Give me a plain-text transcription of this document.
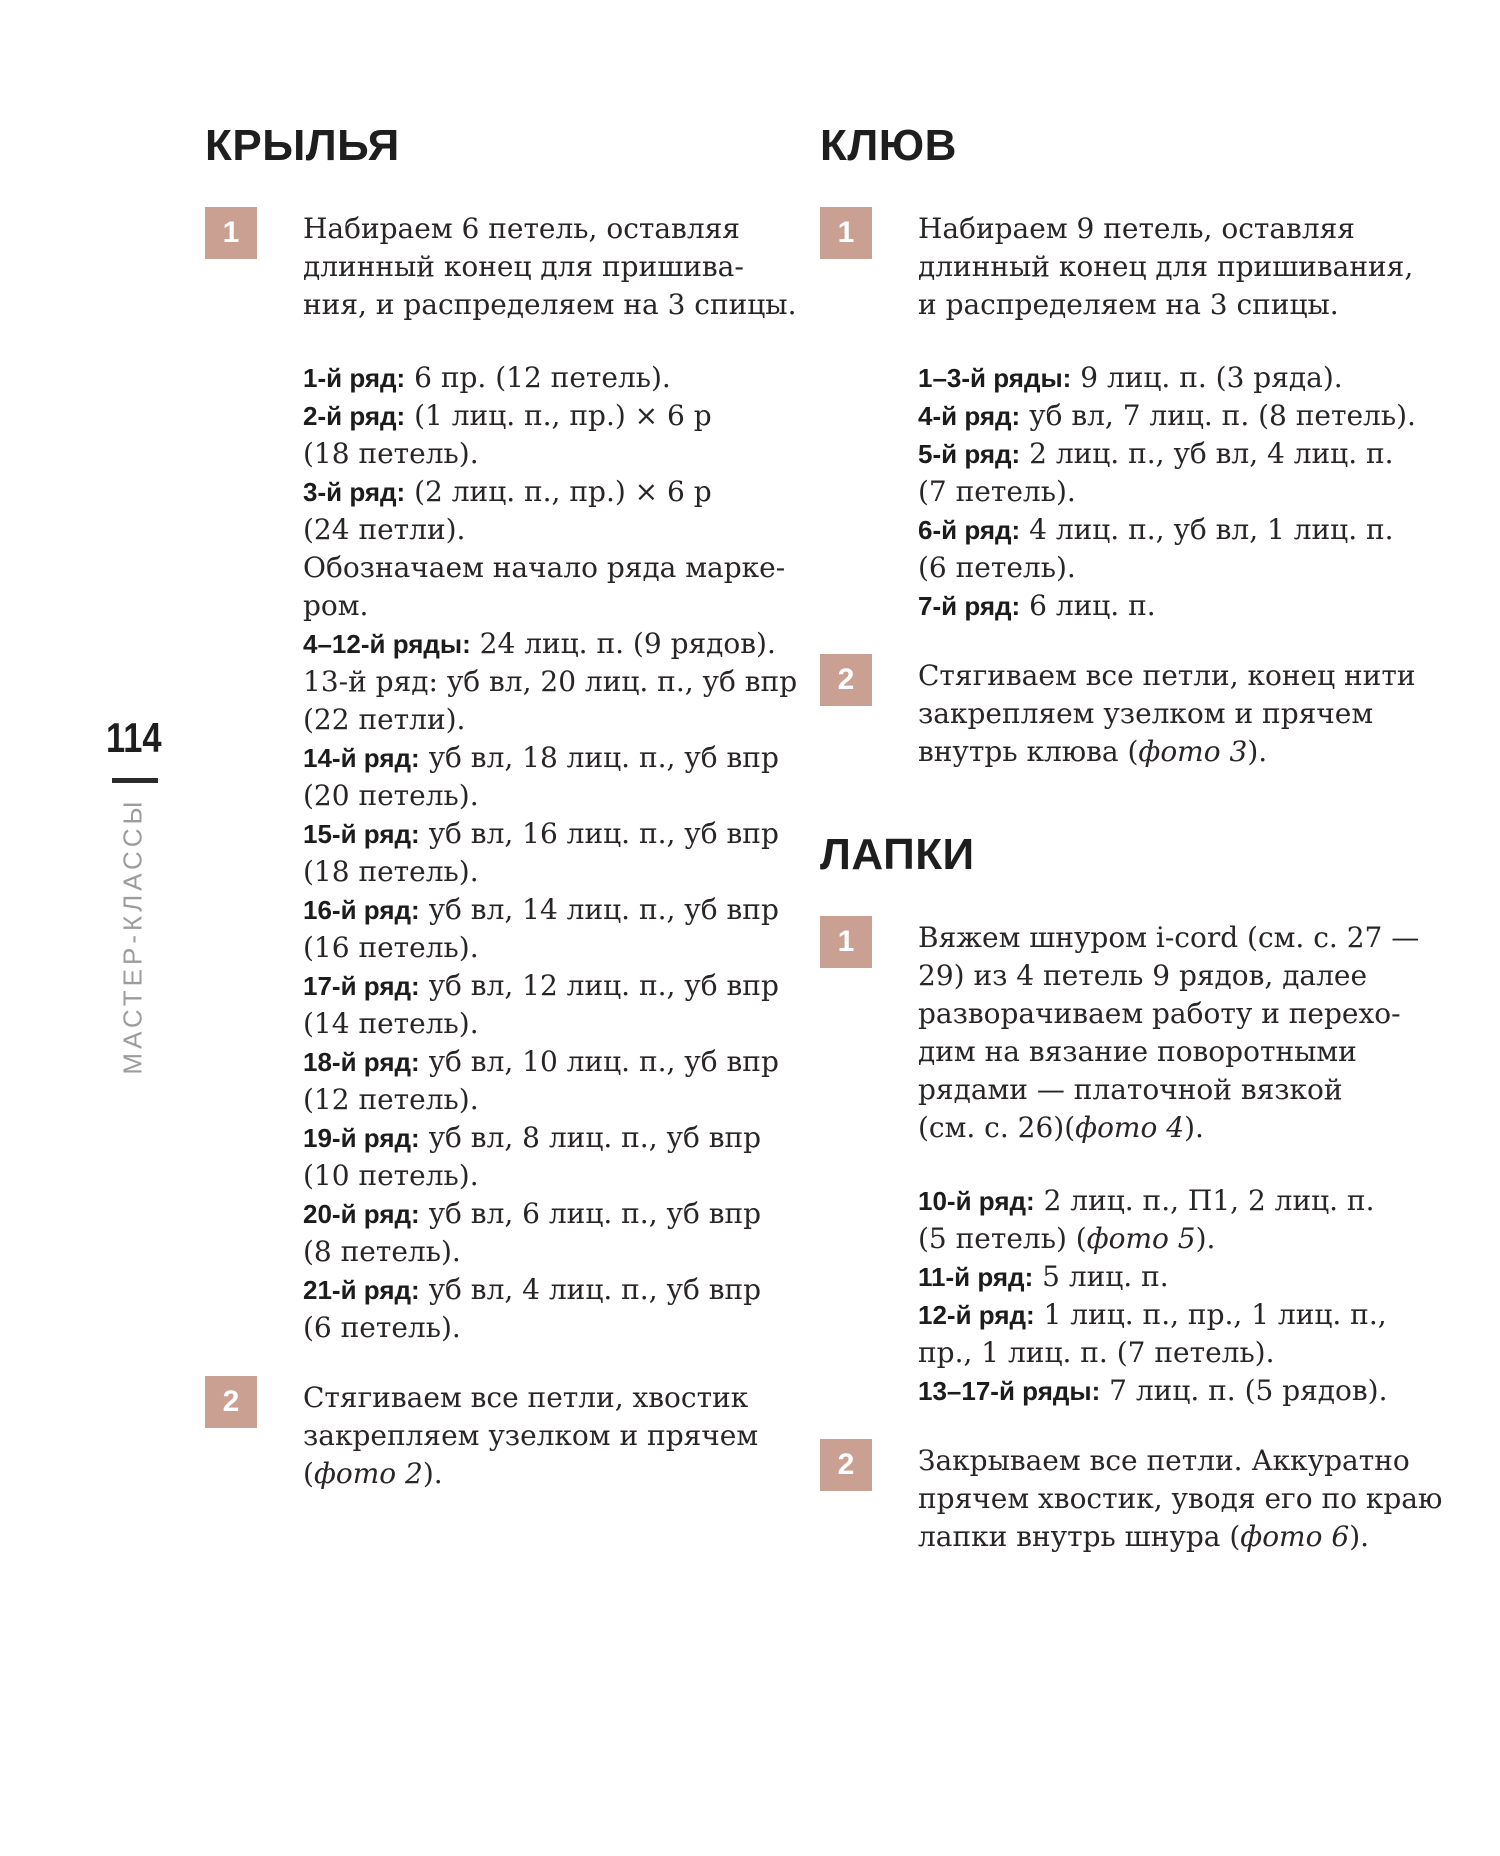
114
МАСТЕР-КЛАССЫ
КРЫЛЬЯ
1	Набираем 6 петель, оставляя
длинный конец для пришива-
ния, и распределяем на 3 спицы.
1-й ряд: 6 пр. (12 петель).
2-й ряд: (1 лиц. п., пр.) × 6 р
(18 петель).
3-й ряд: (2 лиц. п., пр.) × 6 р
(24 петли).
Обозначаем начало ряда марке-
ром.
4–12-й ряды: 24 лиц. п. (9 рядов).
13-й ряд: уб вл, 20 лиц. п., уб впр
(22 петли).
14-й ряд: уб вл, 18 лиц. п., уб впр
(20 петель).
15-й ряд: уб вл, 16 лиц. п., уб впр
(18 петель).
16-й ряд: уб вл, 14 лиц. п., уб впр
(16 петель).
17-й ряд: уб вл, 12 лиц. п., уб впр
(14 петель).
18-й ряд: уб вл, 10 лиц. п., уб впр
(12 петель).
19-й ряд: уб вл, 8 лиц. п., уб впр
(10 петель).
20-й ряд: уб вл, 6 лиц. п., уб впр
(8 петель).
21-й ряд: уб вл, 4 лиц. п., уб впр
(6 петель).
2	Стягиваем все петли, хвостик
закрепляем узелком и прячем
(фото 2).
КЛЮВ
1	Набираем 9 петель, оставляя
длинный конец для пришивания,
и распределяем на 3 спицы.
1–3-й ряды: 9 лиц. п. (3 ряда).
4-й ряд: уб вл, 7 лиц. п. (8 петель).
5-й ряд: 2 лиц. п., уб вл, 4 лиц. п.
(7 петель).
6-й ряд: 4 лиц. п., уб вл, 1 лиц. п.
(6 петель).
7-й ряд: 6 лиц. п.
2	Стягиваем все петли, конец нити
закрепляем узелком и прячем
внутрь клюва (фото 3).
ЛАПКИ
1	Вяжем шнуром i-cord (см. с. 27 —
29) из 4 петель 9 рядов, далее
разворачиваем работу и перехо-
дим на вязание поворотными
рядами — платочной вязкой
(см. с. 26)(фото 4).
10-й ряд: 2 лиц. п., П1, 2 лиц. п.
(5 петель) (фото 5).
11-й ряд: 5 лиц. п.
12-й ряд: 1 лиц. п., пр., 1 лиц. п.,
пр., 1 лиц. п. (7 петель).
13–17-й ряды: 7 лиц. п. (5 рядов).
2	Закрываем все петли. Аккуратно
прячем хвостик, уводя его по краю
лапки внутрь шнура (фото 6).
